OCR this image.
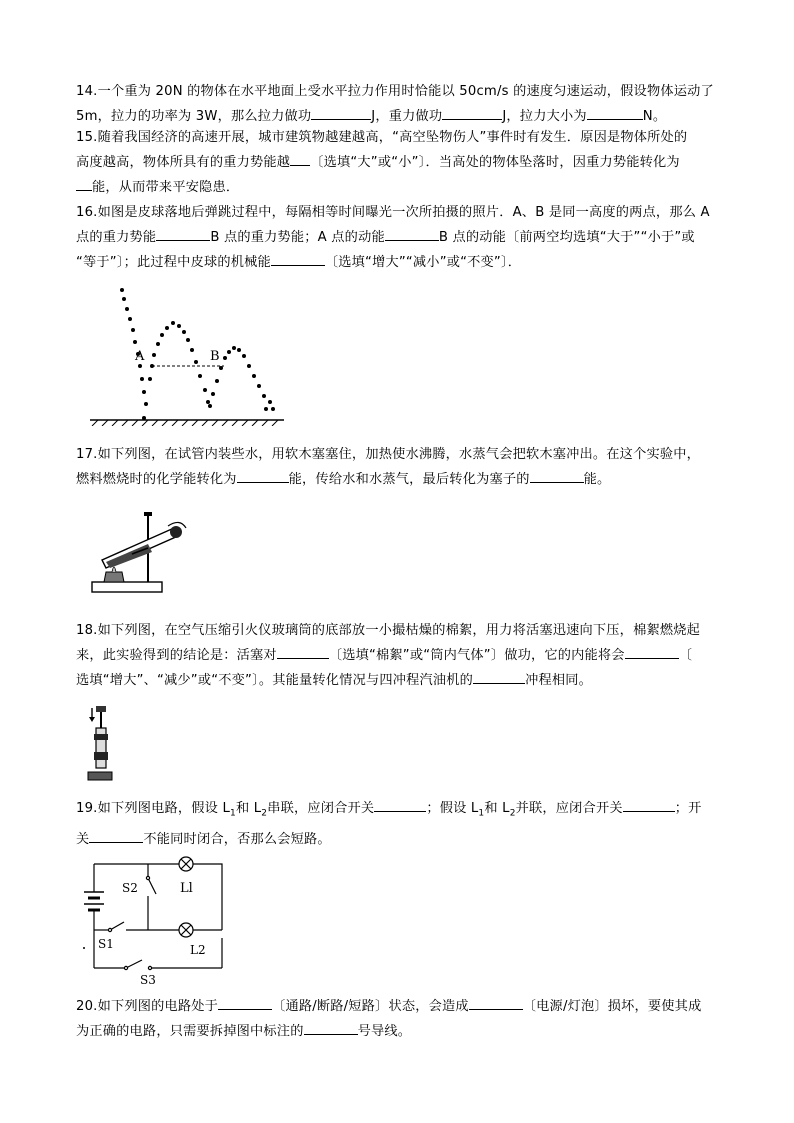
14.一个重为 20N 的物体在水平地面上受水平拉力作用时恰能以 50cm/s 的速度匀速运动，假设物体运动了
5m，拉力的功率为 3W，那么拉力做功	J，重力做功	J，拉力大小为	N。
15.随着我国经济的高速开展，城市建筑物越建越高，“高空坠物伤人”事件时有发生．原因是物体所处的
高度越高，物体所具有的重力势能越 〔选填“大”或“小”〕．当高处的物体坠落时，因重力势能转化为
能，从而带来平安隐患．
16.如图是皮球落地后弹跳过程中，每隔相等时间曝光一次所拍摄的照片．A、B 是同一高度的两点，那么 A
点的重力势能	B 点的重力势能；A 点的动能	B 点的动能〔前两空均选填“大于”“小于”或
“等于”〕；此过程中皮球的机械能	〔选填“增大”“减小”或“不变”〕．
A	B
17.如下列图，在试管内装些水，用软木塞塞住，加热使水沸腾，水蒸气会把软木塞冲出。在这个实验中，
燃料燃烧时的化学能转化为	能，传给水和水蒸气，最后转化为塞子的	能。
18.如下列图，在空气压缩引火仪玻璃筒的底部放一小撮枯燥的棉絮，用力将活塞迅速向下压，棉絮燃烧起
来，此实验得到的结论是：活塞对	〔选填“棉絮”或“筒内气体”〕做功，它的内能将会	〔
选填“增大”、“减少”或“不变”〕。其能量转化情况与四冲程汽油机的	冲程相同。
19.如下列图电路，假设 $L_1$和 $L_2$串联，应闭合开关	；假设 $L_1$和 $L_2$并联，应闭合开关	；开
关	不能同时闭合，否那么会短路。
S2	Ll
S1	L2
S3
20.如下列图的电路处于	〔通路/断路/短路〕状态，会造成	〔电源/灯泡〕损坏，要使其成
为正确的电路，只需要拆掉图中标注的	号导线。
